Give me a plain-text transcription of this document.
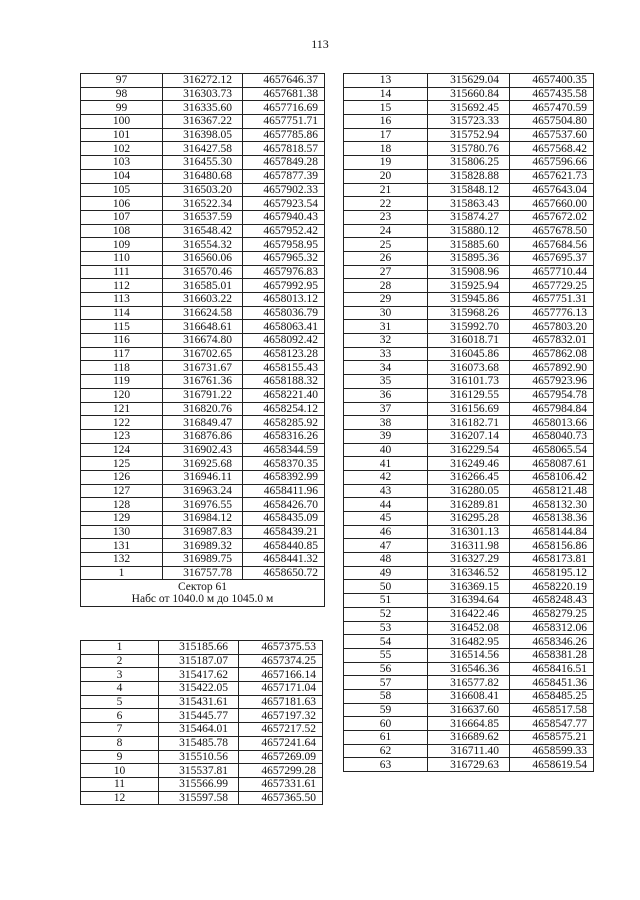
113
97	316272.12	4657646.37
98	316303.73	4657681.38
99	316335.60	4657716.69
100	316367.22	4657751.71
101	316398.05	4657785.86
102	316427.58	4657818.57
103	316455.30	4657849.28
104	316480.68	4657877.39
105	316503.20	4657902.33
106	316522.34	4657923.54
107	316537.59	4657940.43
108	316548.42	4657952.42
109	316554.32	4657958.95
110	316560.06	4657965.32
111	316570.46	4657976.83
112	316585.01	4657992.95
113	316603.22	4658013.12
114	316624.58	4658036.79
115	316648.61	4658063.41
116	316674.80	4658092.42
117	316702.65	4658123.28
118	316731.67	4658155.43
119	316761.36	4658188.32
120	316791.22	4658221.40
121	316820.76	4658254.12
122	316849.47	4658285.92
123	316876.86	4658316.26
124	316902.43	4658344.59
125	316925.68	4658370.35
126	316946.11	4658392.99
127	316963.24	4658411.96
128	316976.55	4658426.70
129	316984.12	4658435.09
130	316987.83	4658439.21
131	316989.32	4658440.85
132	316989.75	4658441.32
1	316757.78	4658650.72
Сектор 61		
Набс от 1040.0 м до 1045.0 м		
1	315185.66	4657375.53
2	315187.07	4657374.25
3	315417.62	4657166.14
4	315422.05	4657171.04
5	315431.61	4657181.63
6	315445.77	4657197.32
7	315464.01	4657217.52
8	315485.78	4657241.64
9	315510.56	4657269.09
10	315537.81	4657299.28
11	315566.99	4657331.61
12	315597.58	4657365.50
13	315629.04	4657400.35
14	315660.84	4657435.58
15	315692.45	4657470.59
16	315723.33	4657504.80
17	315752.94	4657537.60
18	315780.76	4657568.42
19	315806.25	4657596.66
20	315828.88	4657621.73
21	315848.12	4657643.04
22	315863.43	4657660.00
23	315874.27	4657672.02
24	315880.12	4657678.50
25	315885.60	4657684.56
26	315895.36	4657695.37
27	315908.96	4657710.44
28	315925.94	4657729.25
29	315945.86	4657751.31
30	315968.26	4657776.13
31	315992.70	4657803.20
32	316018.71	4657832.01
33	316045.86	4657862.08
34	316073.68	4657892.90
35	316101.73	4657923.96
36	316129.55	4657954.78
37	316156.69	4657984.84
38	316182.71	4658013.66
39	316207.14	4658040.73
40	316229.54	4658065.54
41	316249.46	4658087.61
42	316266.45	4658106.42
43	316280.05	4658121.48
44	316289.81	4658132.30
45	316295.28	4658138.36
46	316301.13	4658144.84
47	316311.98	4658156.86
48	316327.29	4658173.81
49	316346.52	4658195.12
50	316369.15	4658220.19
51	316394.64	4658248.43
52	316422.46	4658279.25
53	316452.08	4658312.06
54	316482.95	4658346.26
55	316514.56	4658381.28
56	316546.36	4658416.51
57	316577.82	4658451.36
58	316608.41	4658485.25
59	316637.60	4658517.58
60	316664.85	4658547.77
61	316689.62	4658575.21
62	316711.40	4658599.33
63	316729.63	4658619.54
